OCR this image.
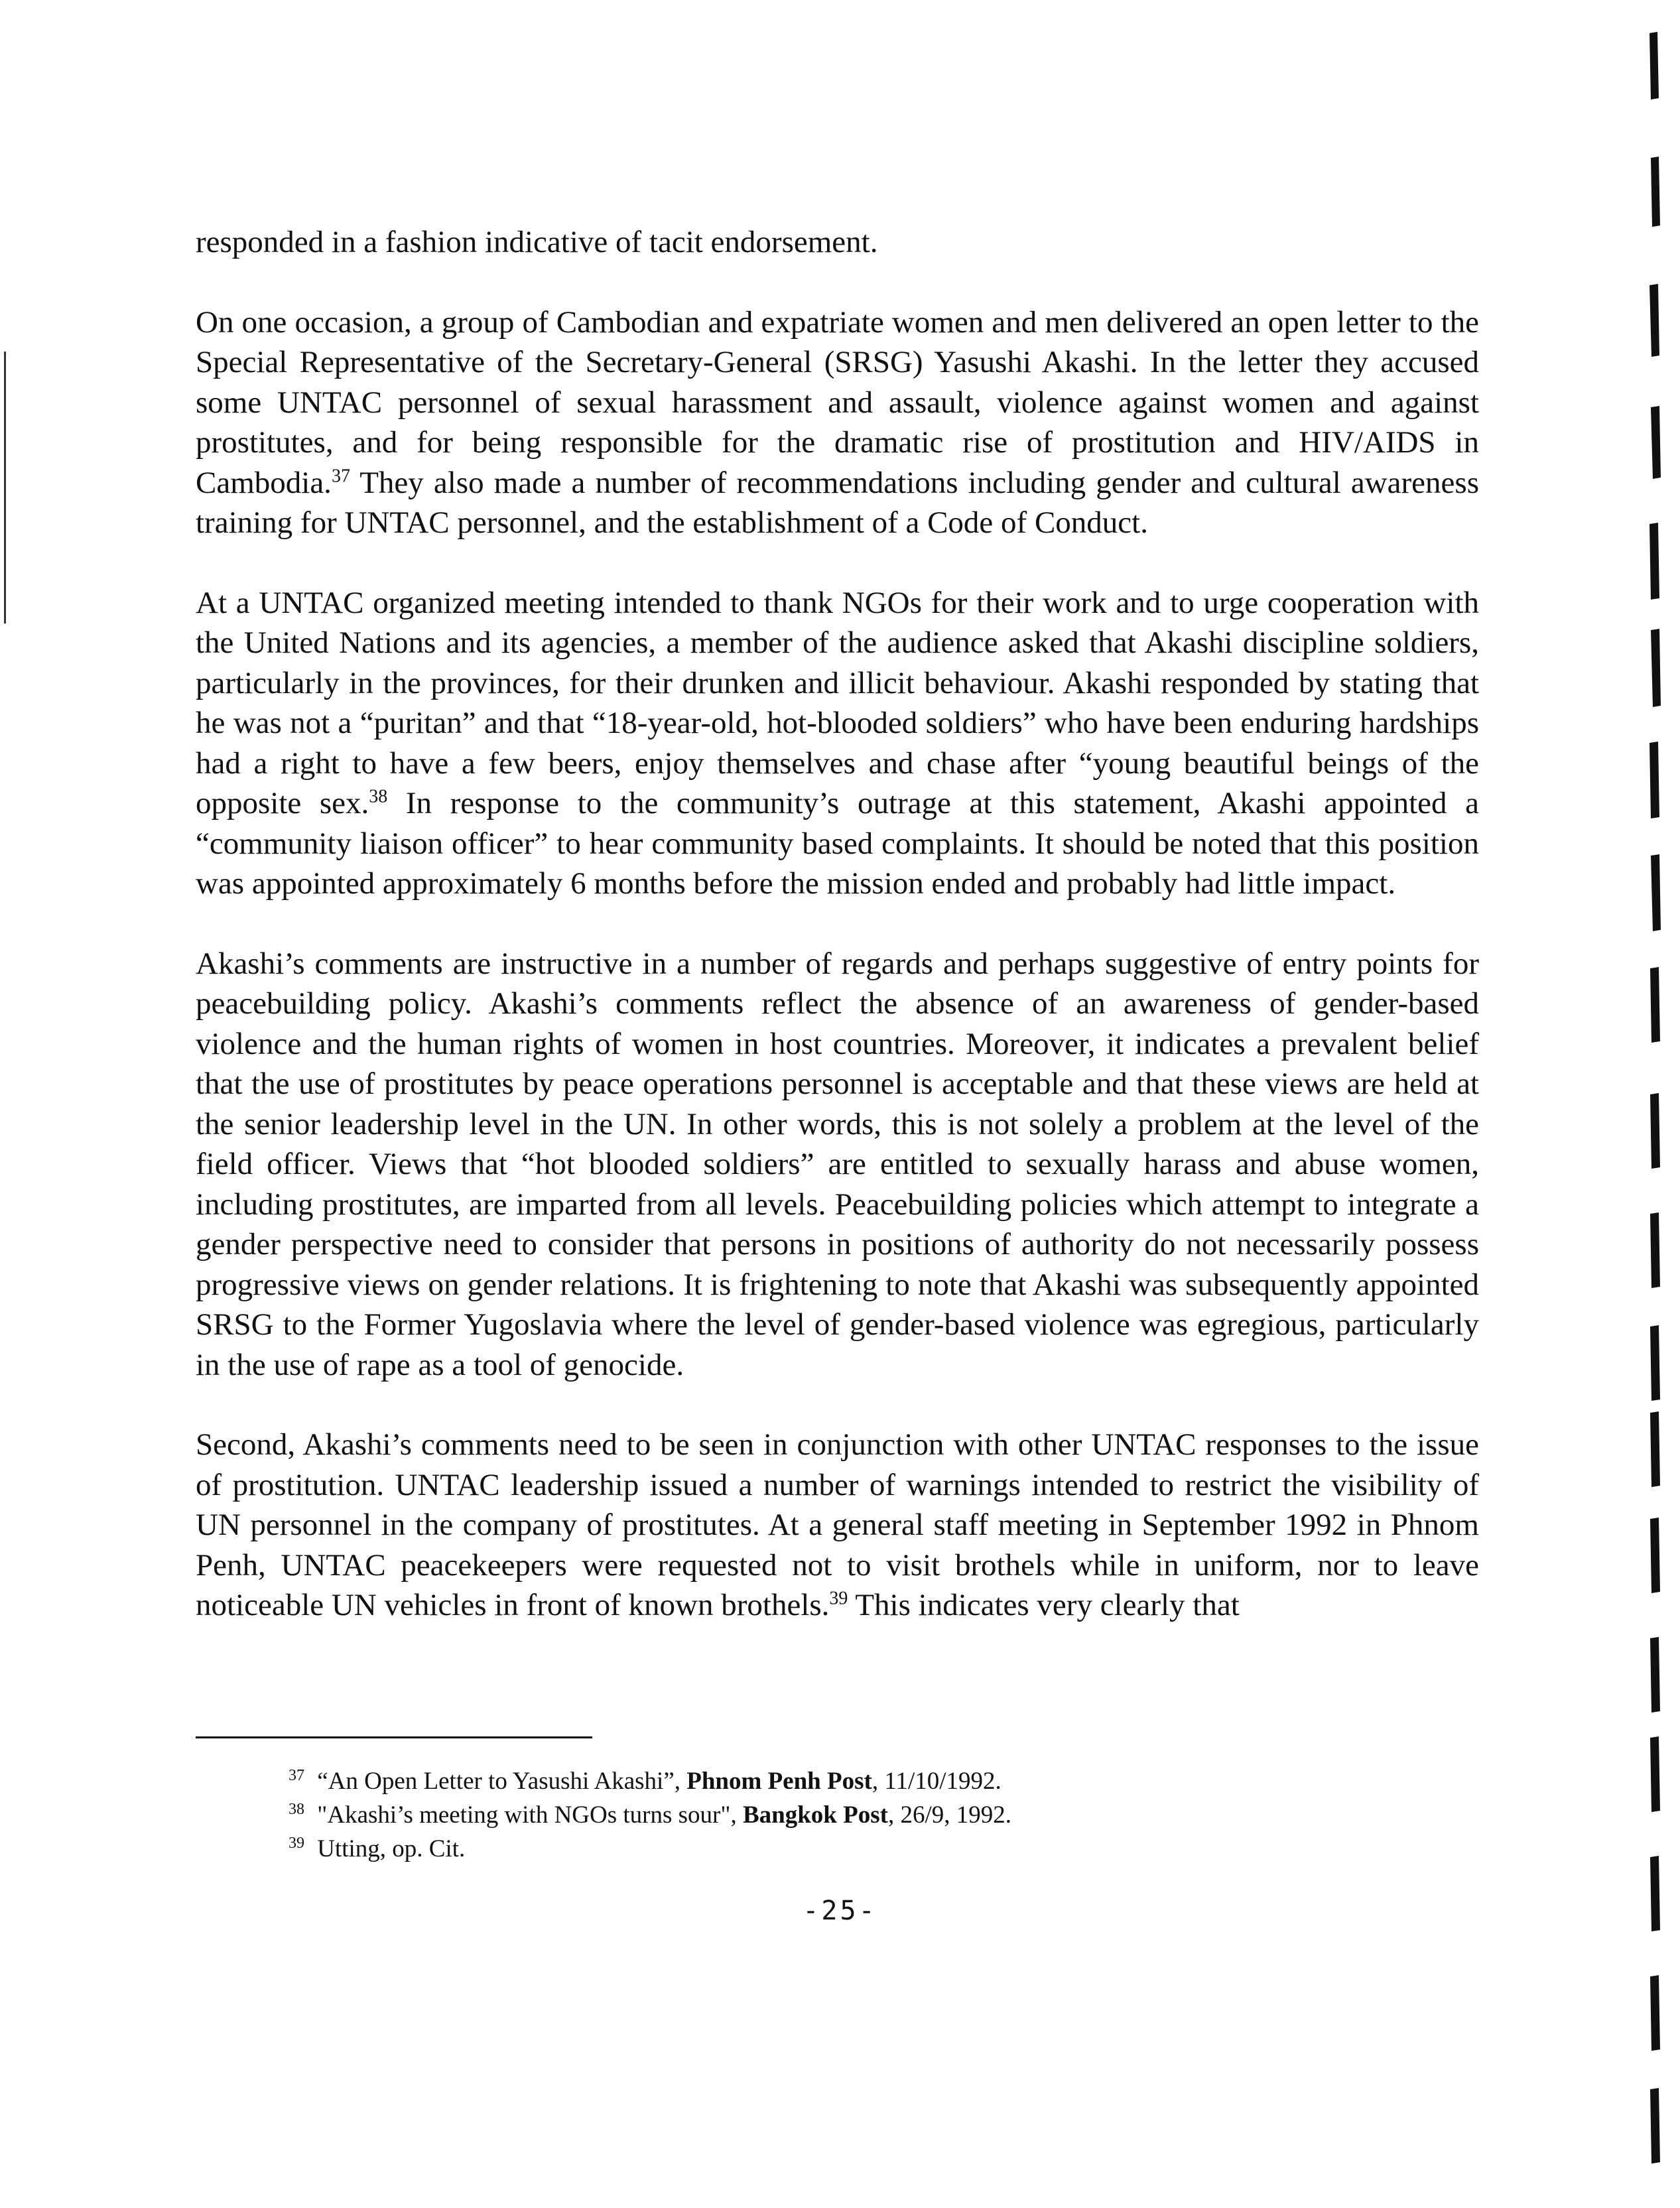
responded in a fashion indicative of tacit endorsement.

On one occasion, a group of Cambodian and expatriate women and men delivered an open letter to the Special Representative of the Secretary-General (SRSG) Yasushi Akashi. In the letter they accused some UNTAC personnel of sexual harassment and assault, violence against women and against prostitutes, and for being responsible for the dramatic rise of prostitution and HIV/AIDS in Cambodia.$^{37}$ They also made a number of recommendations including gender and cultural awareness training for UNTAC personnel, and the establishment of a Code of Conduct.

At a UNTAC organized meeting intended to thank NGOs for their work and to urge cooperation with the United Nations and its agencies, a member of the audience asked that Akashi discipline soldiers, particularly in the provinces, for their drunken and illicit behaviour. Akashi responded by stating that he was not a “puritan” and that “18-year-old, hot-blooded soldiers” who have been enduring hardships had a right to have a few beers, enjoy themselves and chase after “young beautiful beings of the opposite sex.$^{38}$ In response to the community’s outrage at this statement, Akashi appointed a “community liaison officer” to hear community based complaints. It should be noted that this position was appointed approximately 6 months before the mission ended and probably had little impact.

Akashi’s comments are instructive in a number of regards and perhaps suggestive of entry points for peacebuilding policy. Akashi’s comments reflect the absence of an awareness of gender-based violence and the human rights of women in host countries. Moreover, it indicates a prevalent belief that the use of prostitutes by peace operations personnel is acceptable and that these views are held at the senior leadership level in the UN. In other words, this is not solely a problem at the level of the field officer. Views that “hot blooded soldiers” are entitled to sexually harass and abuse women, including prostitutes, are imparted from all levels. Peacebuilding policies which attempt to integrate a gender perspective need to consider that persons in positions of authority do not necessarily possess progressive views on gender relations. It is frightening to note that Akashi was subsequently appointed SRSG to the Former Yugoslavia where the level of gender-based violence was egregious, particularly in the use of rape as a tool of genocide.

Second, Akashi’s comments need to be seen in conjunction with other UNTAC responses to the issue of prostitution. UNTAC leadership issued a number of warnings intended to restrict the visibility of UN personnel in the company of prostitutes. At a general staff meeting in September 1992 in Phnom Penh, UNTAC peacekeepers were requested not to visit brothels while in uniform, nor to leave noticeable UN vehicles in front of known brothels.$^{39}$ This indicates very clearly that

$^{37}$ “An Open Letter to Yasushi Akashi”, Phnom Penh Post, 11/10/1992.
$^{38}$ "Akashi’s meeting with NGOs turns sour", Bangkok Post, 26/9, 1992.
$^{39}$ Utting, op. Cit.
-25-
